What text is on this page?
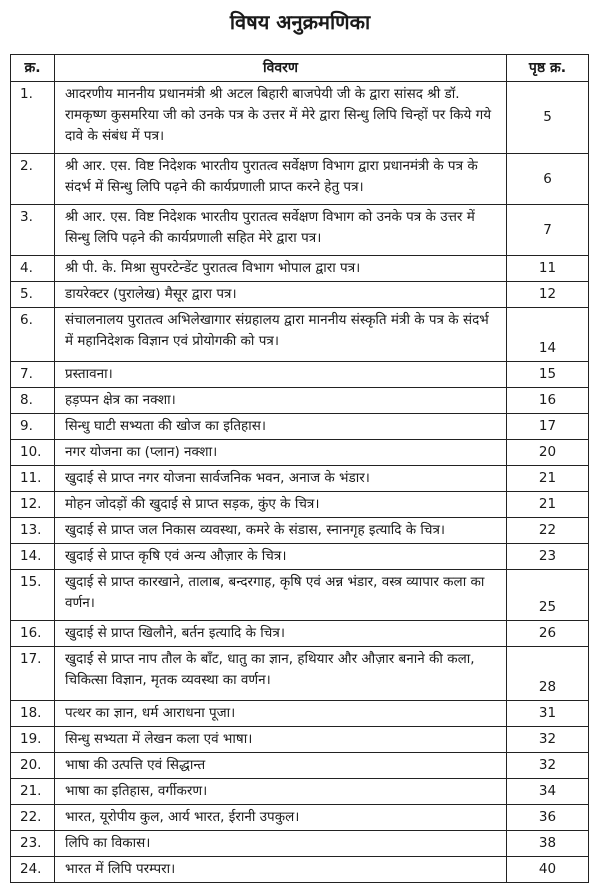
विषय अनुक्रमणिका
क्र.	विवरण	पृष्ठ क्र.
1.	आदरणीय माननीय प्रधानमंत्री श्री अटल बिहारी बाजपेयी जी के द्वारा सांसद श्री डॉ. रामकृष्ण कुसमरिया जी को उनके पत्र के उत्तर में मेरे द्वारा सिन्धु लिपि चिन्हों पर किये गये दावे के संबंध में पत्र।	5
2.	श्री आर. एस. विष्ट निदेशक भारतीय पुरातत्व सर्वेक्षण विभाग द्वारा प्रधानमंत्री के पत्र के संदर्भ में सिन्धु लिपि पढ़ने की कार्यप्रणाली प्राप्त करने हेतु पत्र।	6
3.	श्री आर. एस. विष्ट निदेशक भारतीय पुरातत्व सर्वेक्षण विभाग को उनके पत्र के उत्तर में सिन्धु लिपि पढ़ने की कार्यप्रणाली सहित मेरे द्वारा पत्र।	7
4.	श्री पी. के. मिश्रा सुपरटेन्डेंट पुरातत्व विभाग भोपाल द्वारा पत्र।	11
5.	डायरेक्टर (पुरालेख) मैसूर द्वारा पत्र।	12
6.	संचालनालय पुरातत्व अभिलेखागार संग्रहालय द्वारा माननीय संस्कृति मंत्री के पत्र के संदर्भ में महानिदेशक विज्ञान एवं प्रोयोगकी को पत्र।	14
7.	प्रस्तावना।	15
8.	हड़प्पन क्षेत्र का नक्शा।	16
9.	सिन्धु घाटी सभ्यता की खोज का इतिहास।	17
10.	नगर योजना का (प्लान) नक्शा।	20
11.	खुदाई से प्राप्त नगर योजना सार्वजनिक भवन, अनाज के भंडार।	21
12.	मोहन जोदड़ों की खुदाई से प्राप्त सड़क, कुंए के चित्र।	21
13.	खुदाई से प्राप्त जल निकास व्यवस्था, कमरे के संडास, स्नानगृह इत्यादि के चित्र।	22
14.	खुदाई से प्राप्त कृषि एवं अन्य औज़ार के चित्र।	23
15.	खुदाई से प्राप्त कारखाने, तालाब, बन्दरगाह, कृषि एवं अन्न भंडार, वस्त्र व्यापार कला का वर्णन।	25
16.	खुदाई से प्राप्त खिलौने, बर्तन इत्यादि के चित्र।	26
17.	खुदाई से प्राप्त नाप तौल के बाँट, धातु का ज्ञान, हथियार और औज़ार बनाने की कला, चिकित्सा विज्ञान, मृतक व्यवस्था का वर्णन।	28
18.	पत्थर का ज्ञान, धर्म आराधना पूजा।	31
19.	सिन्धु सभ्यता में लेखन कला एवं भाषा।	32
20.	भाषा की उत्पत्ति एवं सिद्धान्त	32
21.	भाषा का इतिहास, वर्गीकरण।	34
22.	भारत, यूरोपीय कुल, आर्य भारत, ईरानी उपकुल।	36
23.	लिपि का विकास।	38
24.	भारत में लिपि परम्परा।	40
